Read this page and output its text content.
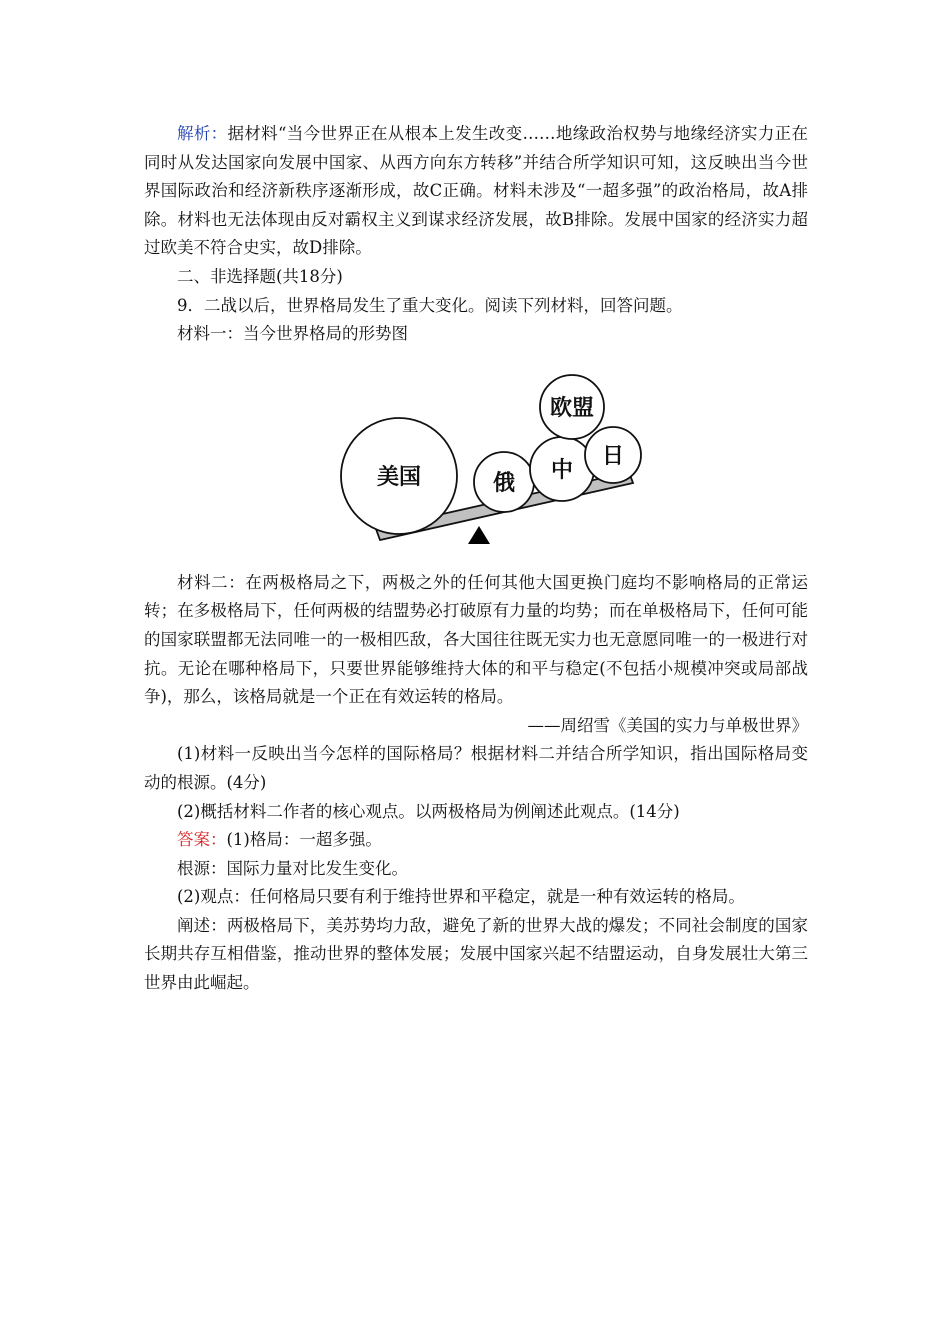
解析：据材料“当今世界正在从根本上发生改变……地缘政治权势与地缘经济实力正在同时从发达国家向发展中国家、从西方向东方转移”并结合所学知识可知，这反映出当今世界国际政治和经济新秩序逐渐形成，故C正确。材料未涉及“一超多强”的政治格局，故A排除。材料也无法体现由反对霸权主义到谋求经济发展，故B排除。发展中国家的经济实力超过欧美不符合史实，故D排除。

二、非选择题(共18分)

9．二战以后，世界格局发生了重大变化。阅读下列材料，回答问题。

材料一：当今世界格局的形势图

美国	俄
中
欧盟
日

材料二：在两极格局之下，两极之外的任何其他大国更换门庭均不影响格局的正常运转；在多极格局下，任何两极的结盟势必打破原有力量的均势；而在单极格局下，任何可能的国家联盟都无法同唯一的一极相匹敌，各大国往往既无实力也无意愿同唯一的一极进行对抗。无论在哪种格局下，只要世界能够维持大体的和平与稳定(不包括小规模冲突或局部战争)，那么，该格局就是一个正在有效运转的格局。

——周绍雪《美国的实力与单极世界》

(1)材料一反映出当今怎样的国际格局？根据材料二并结合所学知识，指出国际格局变动的根源。(4分)

(2)概括材料二作者的核心观点。以两极格局为例阐述此观点。(14分)

答案：(1)格局：一超多强。

根源：国际力量对比发生变化。

(2)观点：任何格局只要有利于维持世界和平稳定，就是一种有效运转的格局。

阐述：两极格局下，美苏势均力敌，避免了新的世界大战的爆发；不同社会制度的国家长期共存互相借鉴，推动世界的整体发展；发展中国家兴起不结盟运动，自身发展壮大第三世界由此崛起。
